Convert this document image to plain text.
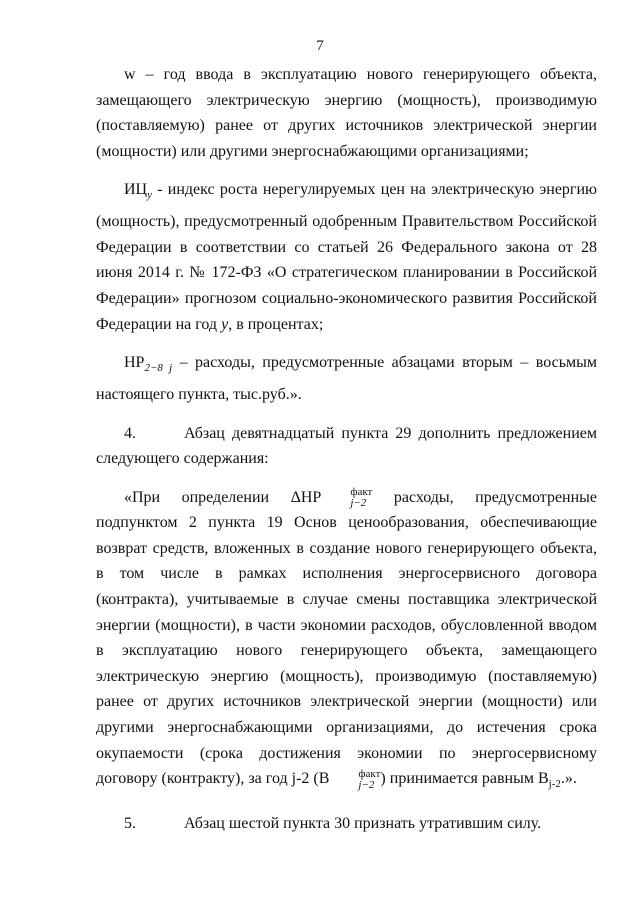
7

w – год ввода в эксплуатацию нового генерирующего объекта, замещающего электрическую энергию (мощность), производимую (поставляемую) ранее от других источников электрической энергии (мощности) или другими энергоснабжающими организациями;

$ИЦ_y$ - индекс роста нерегулируемых цен на электрическую энергию (мощность), предусмотренный одобренным Правительством Российской Федерации в соответствии со статьей 26 Федерального закона от 28 июня 2014 г. № 172-ФЗ «О стратегическом планировании в Российской Федерации» прогнозом социально-экономического развития Российской Федерации на год y, в процентах;

$НР_{2-8 j}$ – расходы, предусмотренные абзацами вторым – восьмым настоящего пункта, тыс.руб.».

4.	Абзац девятнадцатый пункта 29 дополнить предложением следующего содержания:

«При определении ΔНР	факт
j−2	расходы, предусмотренные подпунктом 2 пункта 19 Основ ценообразования, обеспечивающие возврат средств, вложенных в создание нового генерирующего объекта, в том числе в рамках исполнения энергосервисного договора (контракта), учитываемые в случае смены поставщика электрической энергии (мощности), в части экономии расходов, обусловленной вводом в эксплуатацию нового генерирующего объекта, замещающего электрическую энергию (мощность), производимую (поставляемую) ранее от других источников электрической энергии (мощности) или другими энергоснабжающими организациями, до истечения срока окупаемости (срока достижения экономии по энергосервисному договору (контракту), за год j-2 (В	факт
j−2 ) принимается равным $В_{j-2}$.».

5.	Абзац шестой пункта 30 признать утратившим силу.
